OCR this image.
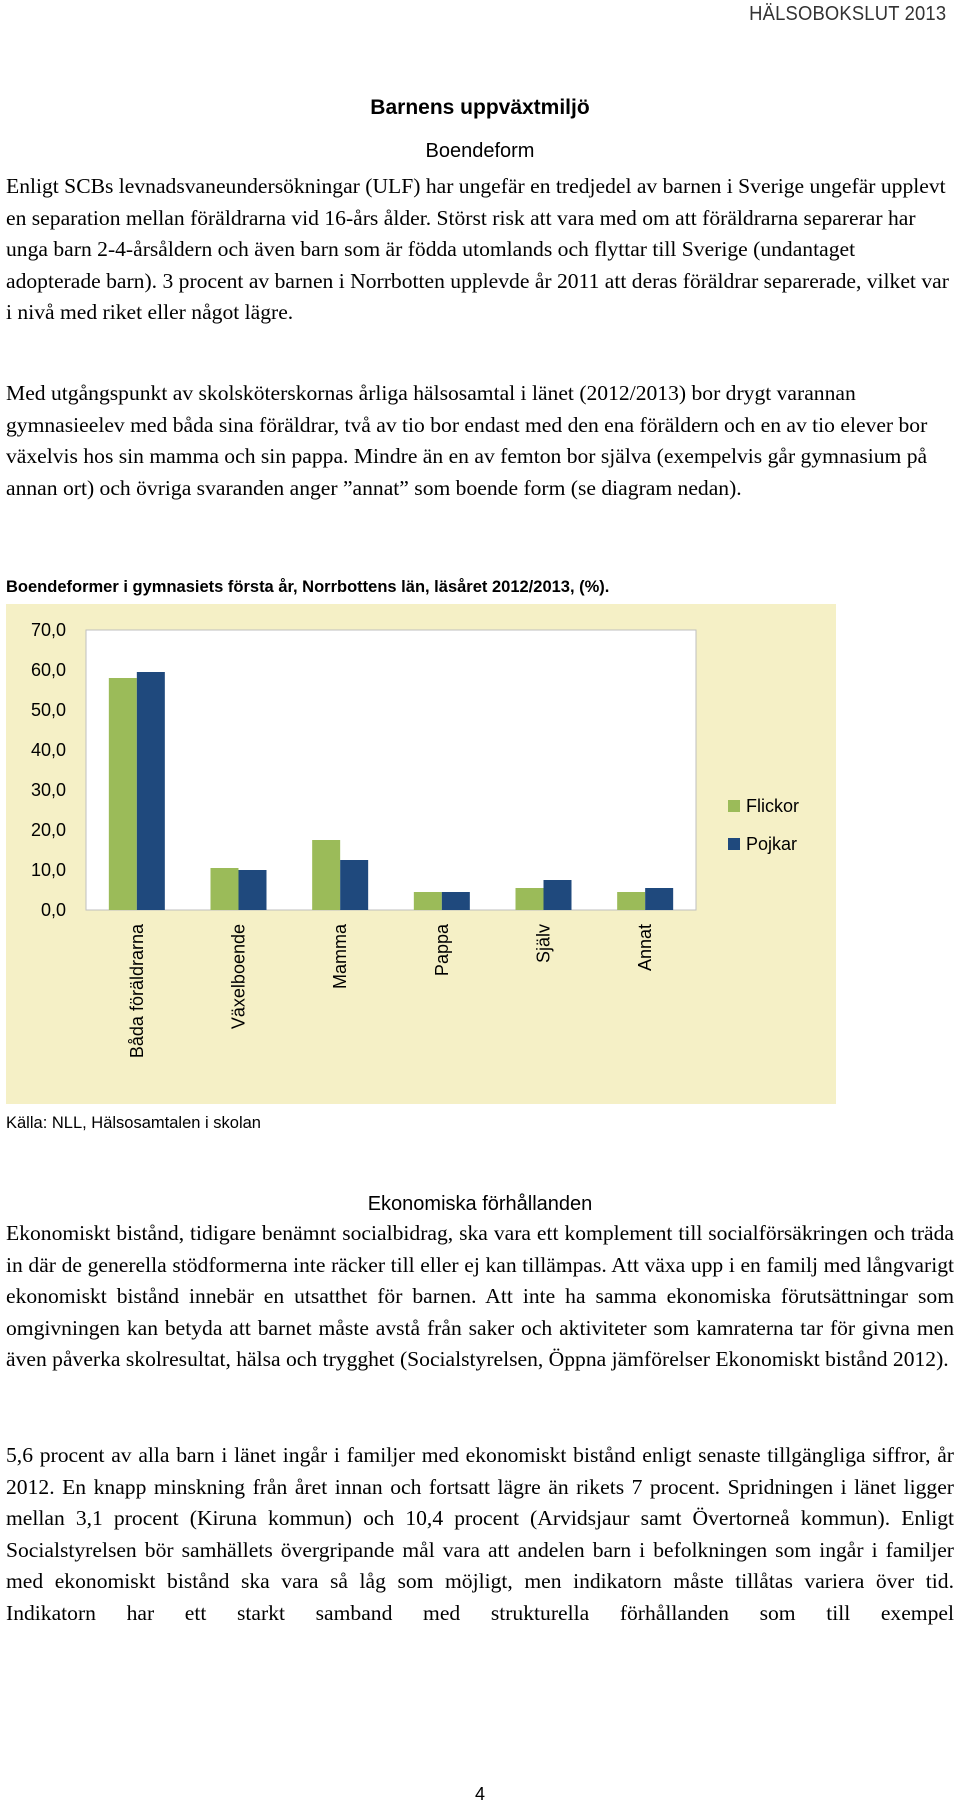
HÄLSOBOKSLUT 2013
Barnens uppväxtmiljö
Boendeform

Enligt SCBs levnadsvaneundersökningar (ULF) har ungefär en tredjedel av barnen i Sverige ungefär upplevt en separation mellan föräldrarna vid 16-års ålder. Störst risk att vara med om att föräldrarna separerar har unga barn 2-4-årsåldern och även barn som är födda utomlands och flyttar till Sverige (undantaget adopterade barn). 3 procent av barnen i Norrbotten upplevde år 2011 att deras föräldrar separerade, vilket var i nivå med riket eller något lägre.

Med utgångspunkt av skolsköterskornas årliga hälsosamtal i länet (2012/2013) bor drygt varannan gymnasieelev med båda sina föräldrar, två av tio bor endast med den ena föräldern och en av tio elever bor växelvis hos sin mamma och sin pappa. Mindre än en av femton bor själva (exempelvis går gymnasium på annan ort) och övriga svaranden anger ”annat” som boende form (se diagram nedan).

Boendeformer i gymnasiets första år, Norrbottens län, läsåret 2012/2013, (%).
0,0
10,0
20,0
30,0
40,0
50,0
60,0
70,0
Båda föräldrarna	Växelboende	Mamma	Pappa	Själv	Annat
Flickor
Pojkar
Källa: NLL, Hälsosamtalen i skolan
Ekonomiska förhållanden

Ekonomiskt bistånd, tidigare benämnt socialbidrag, ska vara ett komplement till socialförsäkringen och träda in där de generella stödformerna inte räcker till eller ej kan tillämpas. Att växa upp i en familj med långvarigt ekonomiskt bistånd innebär en utsatthet för barnen. Att inte ha samma ekonomiska förutsättningar som omgivningen kan betyda att barnet måste avstå från saker och aktiviteter som kamraterna tar för givna men även påverka skolresultat, hälsa och trygghet (Socialstyrelsen, Öppna jämförelser Ekonomiskt bistånd 2012).

5,6 procent av alla barn i länet ingår i familjer med ekonomiskt bistånd enligt senaste tillgängliga siffror, år 2012. En knapp minskning från året innan och fortsatt lägre än rikets 7 procent. Spridningen i länet ligger mellan 3,1 procent (Kiruna kommun) och 10,4 procent (Arvidsjaur samt Övertorneå kommun). Enligt Socialstyrelsen bör samhällets övergripande mål vara att andelen barn i befolkningen som ingår i familjer med ekonomiskt bistånd ska vara så låg som möjligt, men indikatorn måste tillåtas variera över tid. Indikatorn har ett starkt samband med strukturella förhållanden som till exempel

4
